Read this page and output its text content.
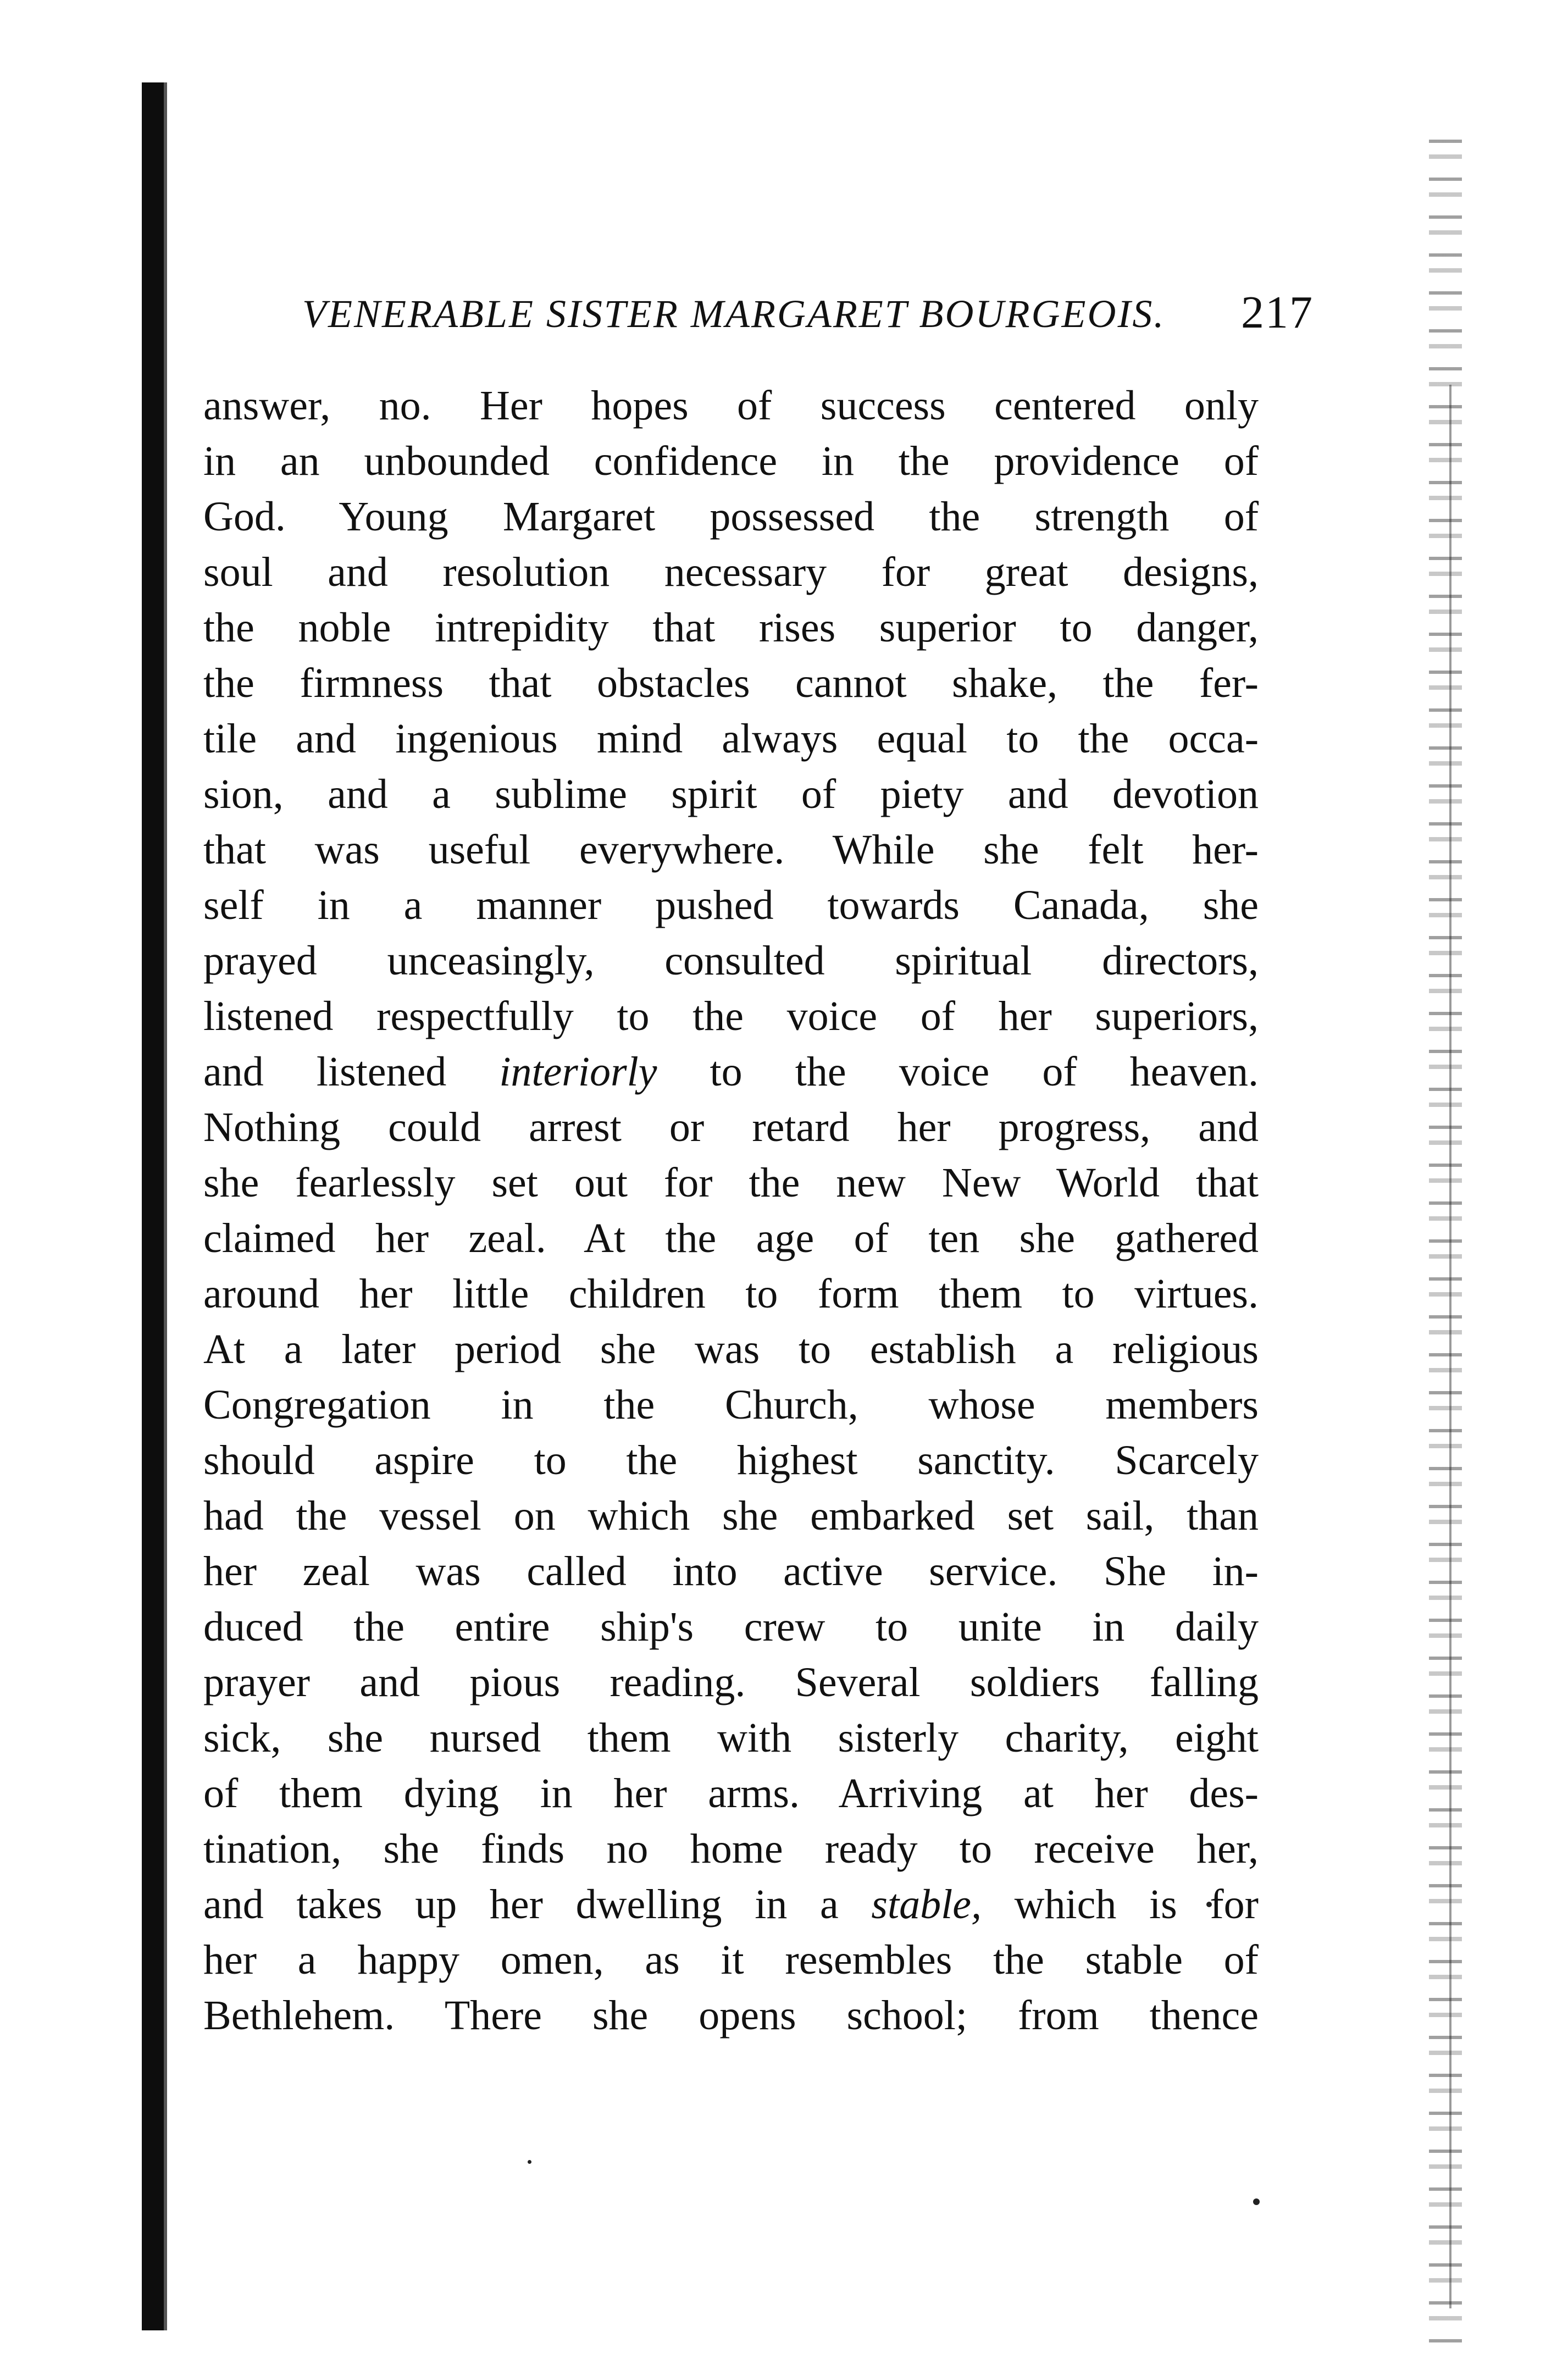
VENERABLE SISTER MARGARET BOURGEOIS. 217
answer, no. Her hopes of success centered only
in an unbounded confidence in the providence of
God. Young Margaret possessed the strength of
soul and resolution necessary for great designs,
the noble intrepidity that rises superior to danger,
the firmness that obstacles cannot shake, the fer-
tile and ingenious mind always equal to the occa-
sion, and a sublime spirit of piety and devotion
that was useful everywhere. While she felt her-
self in a manner pushed towards Canada, she
prayed unceasingly, consulted spiritual directors,
listened respectfully to the voice of her superiors,
and listened interiorly to the voice of heaven.
Nothing could arrest or retard her progress, and
she fearlessly set out for the new New World that
claimed her zeal. At the age of ten she gathered
around her little children to form them to virtues.
At a later period she was to establish a religious
Congregation in the Church, whose members
should aspire to the highest sanctity. Scarcely
had the vessel on which she embarked set sail, than
her zeal was called into active service. She in-
duced the entire ship's crew to unite in daily
prayer and pious reading. Several soldiers falling
sick, she nursed them with sisterly charity, eight
of them dying in her arms. Arriving at her des-
tination, she finds no home ready to receive her,
and takes up her dwelling in a stable, which is for
her a happy omen, as it resembles the stable of
Bethlehem. There she opens school; from thence
